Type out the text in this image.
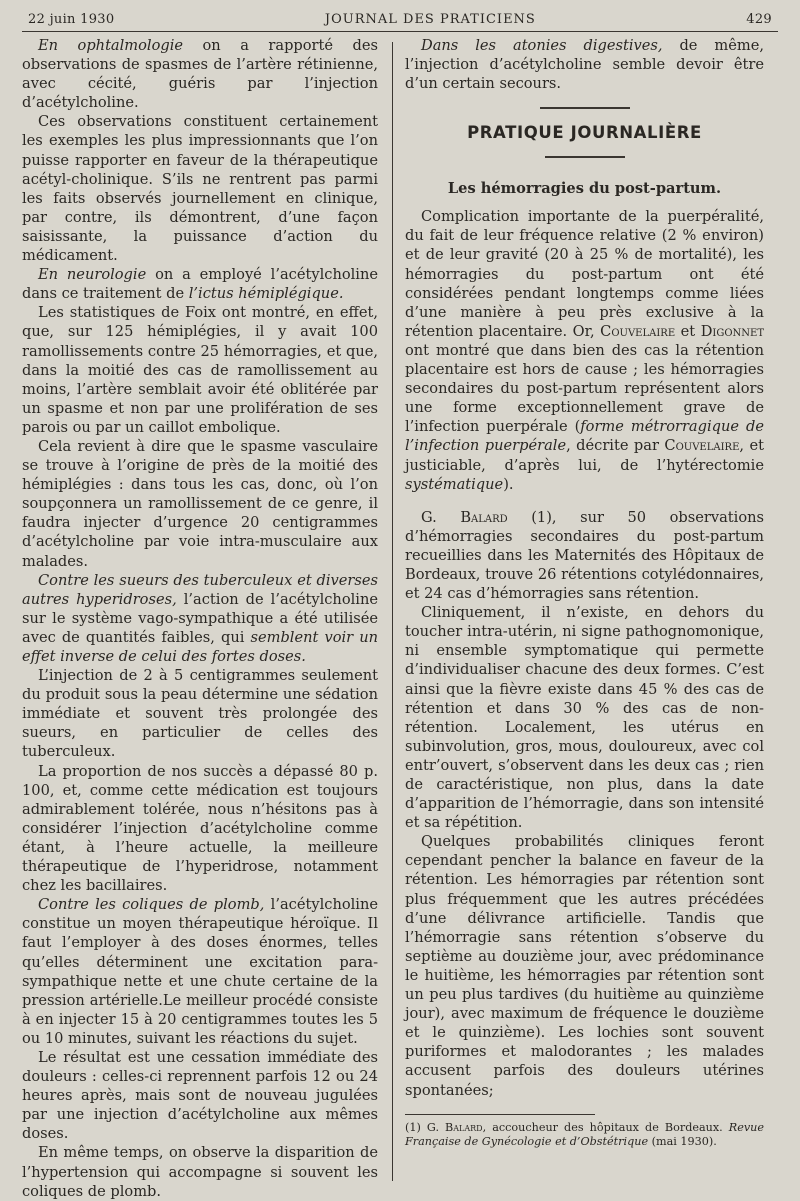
22 juin 1930	JOURNAL DES PRATICIENS	429

En ophtalmologie on a rapporté des observations de spasmes de l’artère rétinienne, avec cécité, guéris par l’injection d’acétylcholine.

Ces observations constituent certainement les exemples les plus impressionnants que l’on puisse rapporter en faveur de la thérapeutique acétyl-cholinique. S’ils ne rentrent pas parmi les faits observés journellement en clinique, par contre, ils démontrent, d’une façon saisissante, la puissance d’action du médicament.

En neurologie on a employé l’acétylcholine dans ce traitement de l’ictus hémiplégique.

Les statistiques de Foix ont montré, en effet, que, sur 125 hémiplégies, il y avait 100 ramollissements contre 25 hémorragies, et que, dans la moitié des cas de ramollissement au moins, l’artère semblait avoir été oblitérée par un spasme et non par une prolifération de ses parois ou par un caillot embolique.

Cela revient à dire que le spasme vasculaire se trouve à l’origine de près de la moitié des hémiplégies : dans tous les cas, donc, où l’on soupçonnera un ramollissement de ce genre, il faudra injecter d’urgence 20 centigrammes d’acétylcholine par voie intra-musculaire aux malades.

Contre les sueurs des tuberculeux et diverses autres hyperidroses, l’action de l’acétylcholine sur le système vago-sympathique a été utilisée avec de quantités faibles, qui semblent voir un effet inverse de celui des fortes doses.

L’injection de 2 à 5 centigrammes seulement du produit sous la peau détermine une sédation immédiate et souvent très prolongée des sueurs, en particulier de celles des tuberculeux.

La proportion de nos succès a dépassé 80 p. 100, et, comme cette médication est toujours admirablement tolérée, nous n’hésitons pas à considérer l’injection d’acétylcholine comme étant, à l’heure actuelle, la meilleure thérapeutique de l’hyperidrose, notamment chez les bacillaires.

Contre les coliques de plomb, l’acétylcholine constitue un moyen thérapeutique héroïque. Il faut l’employer à des doses énormes, telles qu’elles déterminent une excitation para-sympathique nette et une chute certaine de la pression artérielle.Le meilleur procédé consiste à en injecter 15 à 20 centigrammes toutes les 5 ou 10 minutes, suivant les réactions du sujet.

Le résultat est une cessation immédiate des douleurs : celles-ci reprennent parfois 12 ou 24 heures après, mais sont de nouveau jugulées par une injection d’acétylcholine aux mêmes doses.

En même temps, on observe la disparition de l’hypertension qui accompagne si souvent les coliques de plomb.

Dans les atonies digestives, de même, l’injection d’acétylcholine semble devoir être d’un certain secours.

PRATIQUE JOURNALIÈRE
Les hémorragies du post-partum.

Complication importante de la puerpéralité, du fait de leur fréquence relative (2 % environ) et de leur gravité (20 à 25 % de mortalité), les hémorragies du post-partum ont été considérées pendant longtemps comme liées d’une manière à peu près exclusive à la rétention placentaire. Or, Couvelaire et Digonnet ont montré que dans bien des cas la rétention placentaire est hors de cause ; les hémorragies secondaires du post-partum représentent alors une forme exceptionnellement grave de l’infection puerpérale (forme métrorragique de l’infection puerpérale, décrite par Couvelaire, et justiciable, d’après lui, de l’hytérectomie systématique).

G. Balard (1), sur 50 observations d’hémorragies secondaires du post-partum recueillies dans les Maternités des Hôpitaux de Bordeaux, trouve 26 rétentions cotylédonnaires, et 24 cas d’hémorragies sans rétention.

Cliniquement, il n’existe, en dehors du toucher intra-utérin, ni signe pathognomonique, ni ensemble symptomatique qui permette d’individualiser chacune des deux formes. C’est ainsi que la fièvre existe dans 45 % des cas de rétention et dans 30 % des cas de non-rétention. Localement, les utérus en subinvolution, gros, mous, douloureux, avec col entr’ouvert, s’observent dans les deux cas ; rien de caractéristique, non plus, dans la date d’apparition de l’hémorragie, dans son intensité et sa répétition.

Quelques probabilités cliniques feront cependant pencher la balance en faveur de la rétention. Les hémorragies par rétention sont plus fréquemment que les autres précédées d’une délivrance artificielle. Tandis que l’hémorragie sans rétention s’observe du septième au douzième jour, avec prédominance le huitième, les hémorragies par rétention sont un peu plus tardives (du huitième au quinzième jour), avec maximum de fréquence le douzième et le quinzième). Les lochies sont souvent puriformes et malodorantes ; les malades accusent parfois des douleurs utérines spontanées;

(1) G. Balard, accoucheur des hôpitaux de Bordeaux. Revue Française de Gynécologie et d’Obstétrique (mai 1930).
